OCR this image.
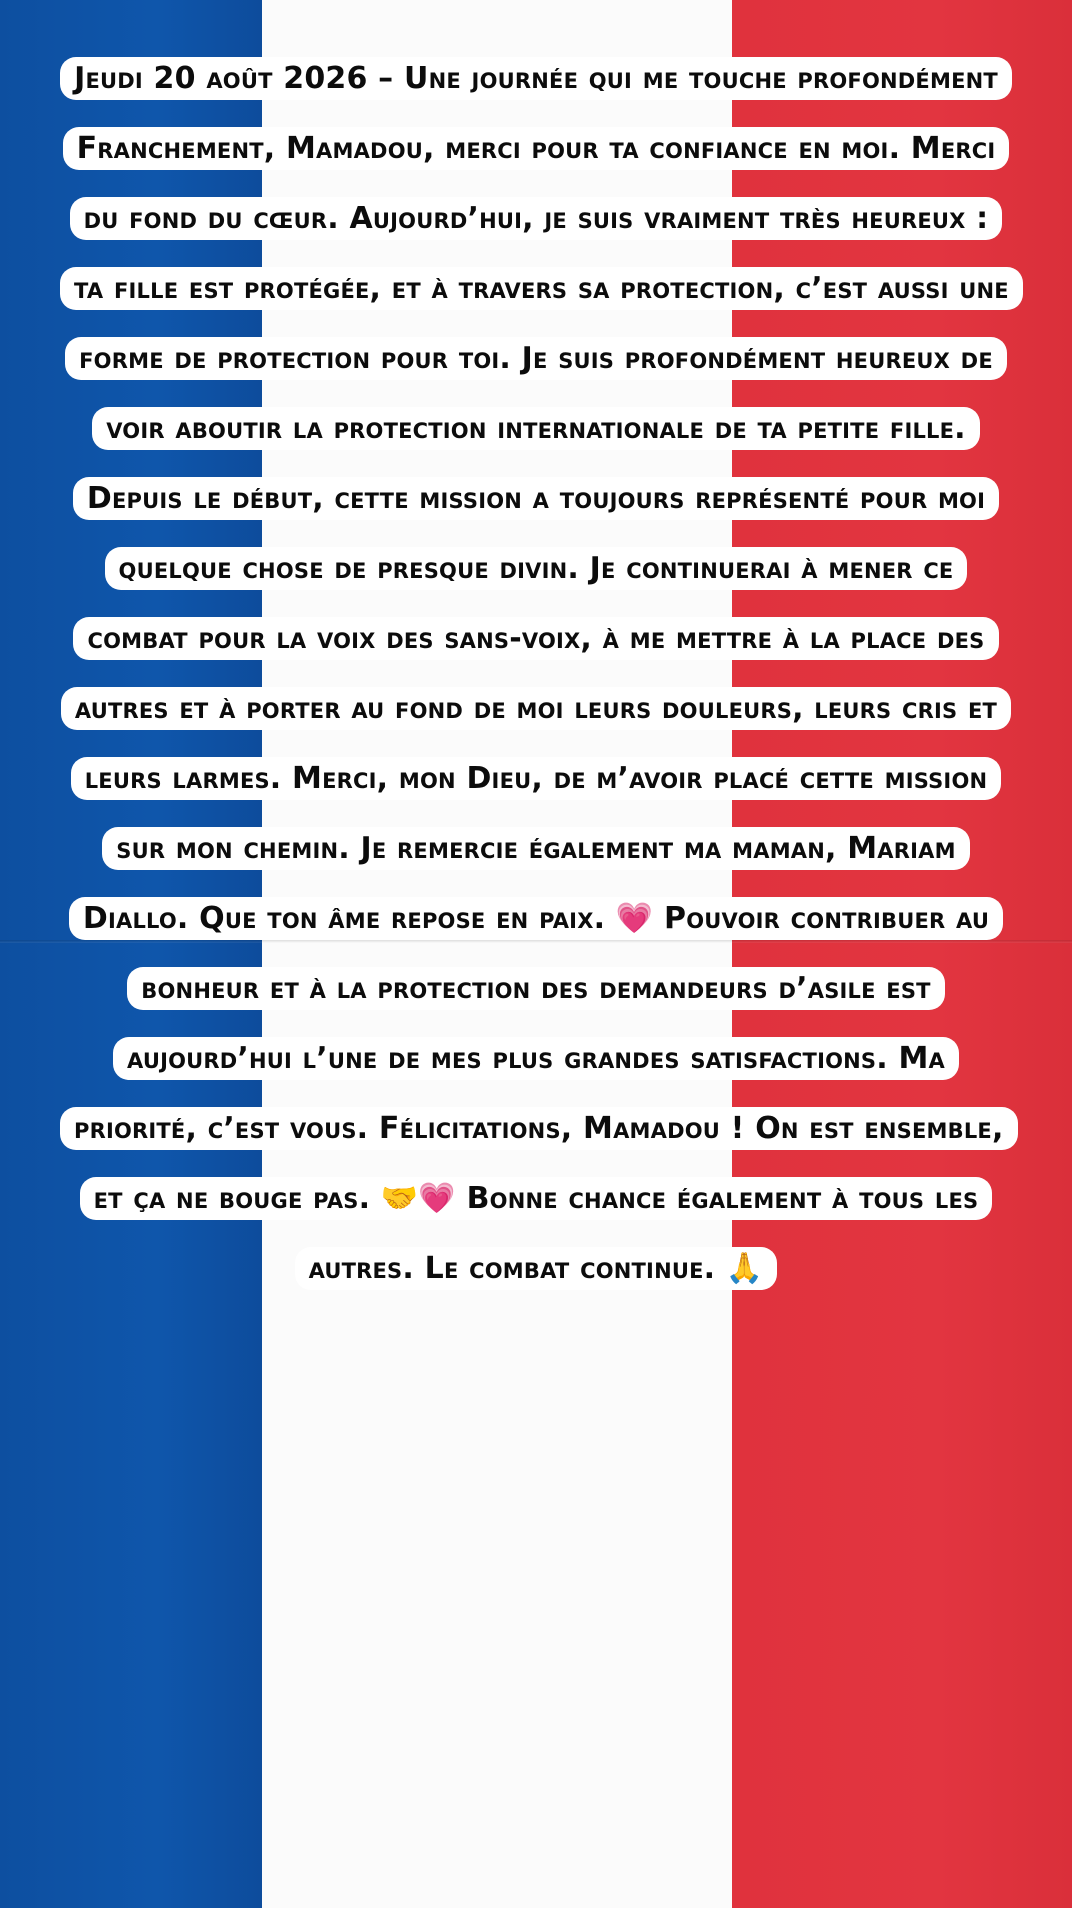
Jeudi 20 août 2026 – Une journée qui me touche profondément
Franchement, Mamadou, merci pour ta confiance en moi. Merci du fond du cœur. Aujourd’hui, je suis vraiment très heureux : ta fille est protégée, et à travers sa protection, c’est aussi une forme de protection pour toi. Je suis profondément heureux de voir aboutir la protection internationale de ta petite fille. Depuis le début, cette mission a toujours représenté pour moi quelque chose de presque divin. Je continuerai à mener ce combat pour la voix des sans-voix, à me mettre à la place des autres et à porter au fond de moi leurs douleurs, leurs cris et leurs larmes. Merci, mon Dieu, de m’avoir placé cette mission sur mon chemin. Je remercie également ma maman, Mariam Diallo. Que ton âme repose en paix. 💗 Pouvoir contribuer au bonheur et à la protection des demandeurs d’asile est aujourd’hui l’une de mes plus grandes satisfactions. Ma priorité, c’est vous. Félicitations, Mamadou ! On est ensemble, et ça ne bouge pas. 🤝💗 Bonne chance également à tous les autres. Le combat continue. 🙏
